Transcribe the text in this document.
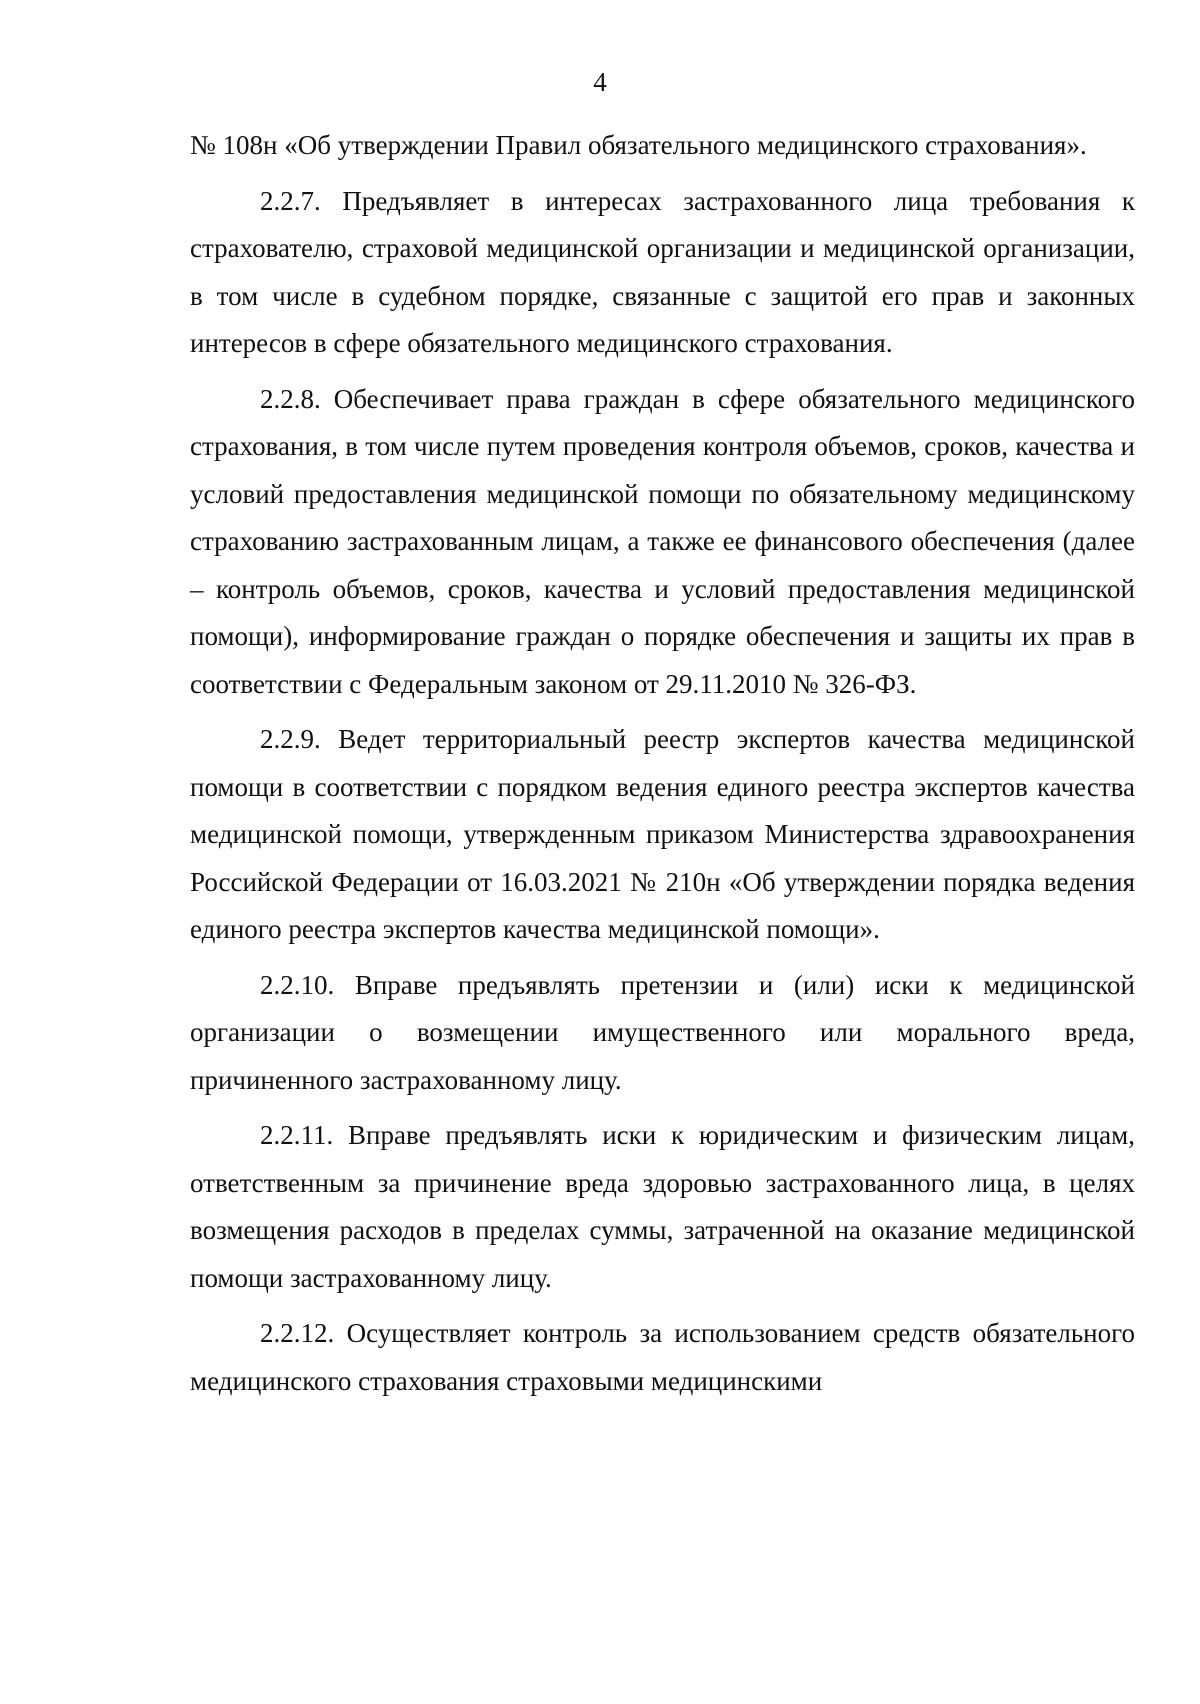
4

№ 108н «Об утверждении Правил обязательного медицинского страхования».

2.2.7. Предъявляет в интересах застрахованного лица требования к страхователю, страховой медицинской организации и медицинской организации, в том числе в судебном порядке, связанные с защитой его прав и законных интересов в сфере обязательного медицинского страхования.

2.2.8. Обеспечивает права граждан в сфере обязательного медицинского страхования, в том числе путем проведения контроля объемов, сроков, качества и условий предоставления медицинской помощи по обязательному медицинскому страхованию застрахованным лицам, а также ее финансового обеспечения (далее – контроль объемов, сроков, качества и условий предоставления медицинской помощи), информирование граждан о порядке обеспечения и защиты их прав в соответствии с Федеральным законом от 29.11.2010 № 326-ФЗ.

2.2.9. Ведет территориальный реестр экспертов качества медицинской помощи в соответствии с порядком ведения единого реестра экспертов качества медицинской помощи, утвержденным приказом Министерства здравоохранения Российской Федерации от 16.03.2021 № 210н «Об утверждении порядка ведения единого реестра экспертов качества медицинской помощи».

2.2.10. Вправе предъявлять претензии и (или) иски к медицинской организации о возмещении имущественного или морального вреда, причиненного застрахованному лицу.

2.2.11. Вправе предъявлять иски к юридическим и физическим лицам, ответственным за причинение вреда здоровью застрахованного лица, в целях возмещения расходов в пределах суммы, затраченной на оказание медицинской помощи застрахованному лицу.

2.2.12. Осуществляет контроль за использованием средств обязательного медицинского страхования страховыми медицинскими
